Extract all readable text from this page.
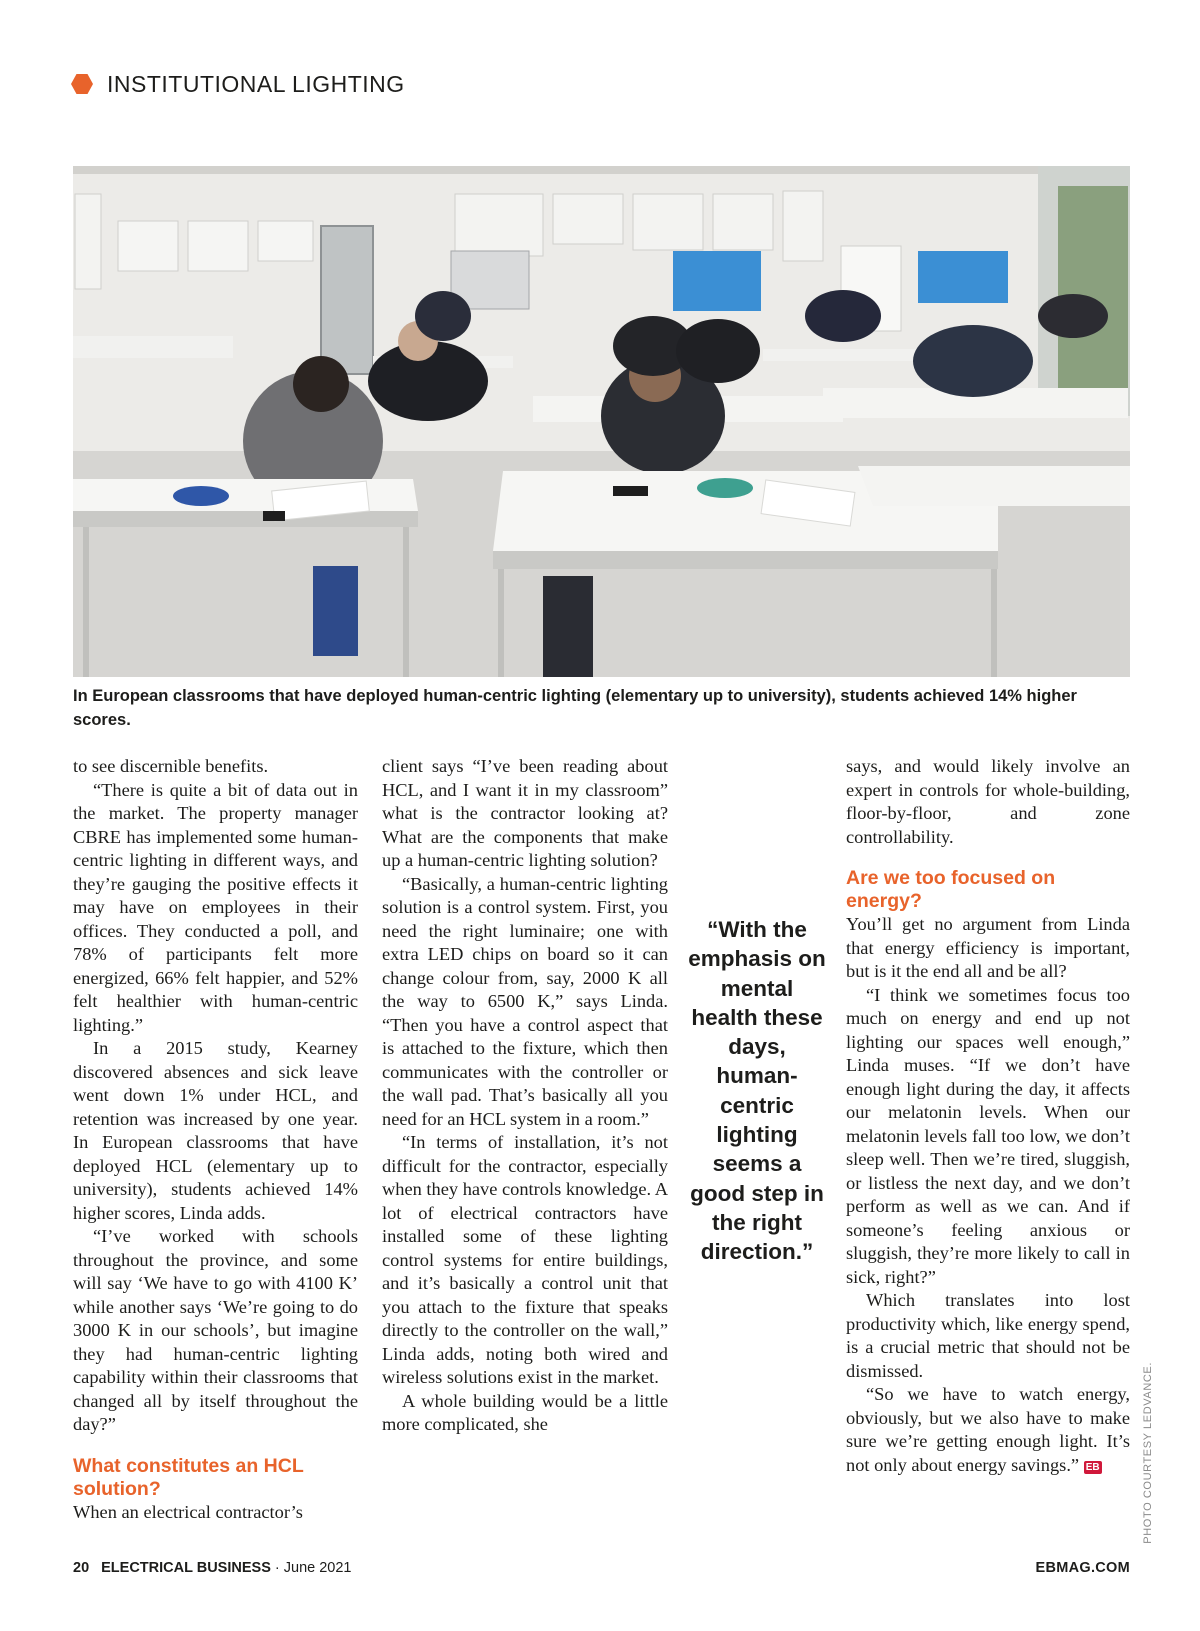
INSTITUTIONAL LIGHTING

In European classrooms that have deployed human-centric lighting (elementary up to university), students achieved 14% higher scores.

to see discernible benefits.

“There is quite a bit of data out in the market. The property manager CBRE has implemented some human-centric lighting in different ways, and they’re gauging the positive effects it may have on employees in their offices. They conducted a poll, and 78% of participants felt more energized, 66% felt happier, and 52% felt healthier with human-centric lighting.”

In a 2015 study, Kearney discovered absences and sick leave went down 1% under HCL, and retention was increased by one year. In European classrooms that have deployed HCL (elementary up to university), students achieved 14% higher scores, Linda adds.

“I’ve worked with schools throughout the province, and some will say ‘We have to go with 4100 K’ while another says ‘We’re going to do 3000 K in our schools’, but imagine they had human-centric lighting capability within their classrooms that changed all by itself throughout the day?”

What constitutes an HCL solution?

When an electrical contractor’s

client says “I’ve been reading about HCL, and I want it in my classroom” what is the contractor looking at? What are the components that make up a human-centric lighting solution?

“Basically, a human-centric lighting solution is a control system. First, you need the right luminaire; one with extra LED chips on board so it can change colour from, say, 2000 K all the way to 6500 K,” says Linda. “Then you have a control aspect that is attached to the fixture, which then communicates with the controller or the wall pad. That’s basically all you need for an HCL system in a room.”

“In terms of installation, it’s not difficult for the contractor, especially when they have controls knowledge. A lot of electrical contractors have installed some of these lighting control systems for entire buildings, and it’s basically a control unit that you attach to the fixture that speaks directly to the controller on the wall,” Linda adds, noting both wired and wireless solutions exist in the market.

A whole building would be a little more complicated, she

“With the emphasis on mental health these days, human-centric lighting seems a good step in the right direction.”

says, and would likely involve an expert in controls for whole-building, floor-by-floor, and zone controllability.

Are we too focused on energy?

You’ll get no argument from Linda that energy efficiency is important, but is it the end all and be all?

“I think we sometimes focus too much on energy and end up not lighting our spaces well enough,” Linda muses. “If we don’t have enough light during the day, it affects our melatonin levels. When our melatonin levels fall too low, we don’t sleep well. Then we’re tired, sluggish, or listless the next day, and we don’t perform as well as we can. And if someone’s feeling anxious or sluggish, they’re more likely to call in sick, right?”

Which translates into lost productivity which, like energy spend, is a crucial metric that should not be dismissed.

“So we have to watch energy, obviously, but we also have to make sure we’re getting enough light. It’s not only about energy savings.” EB	PHOTO COURTESY LEDVANCE.
20 ELECTRICAL BUSINESS · June 2021	EBMAG.COM
